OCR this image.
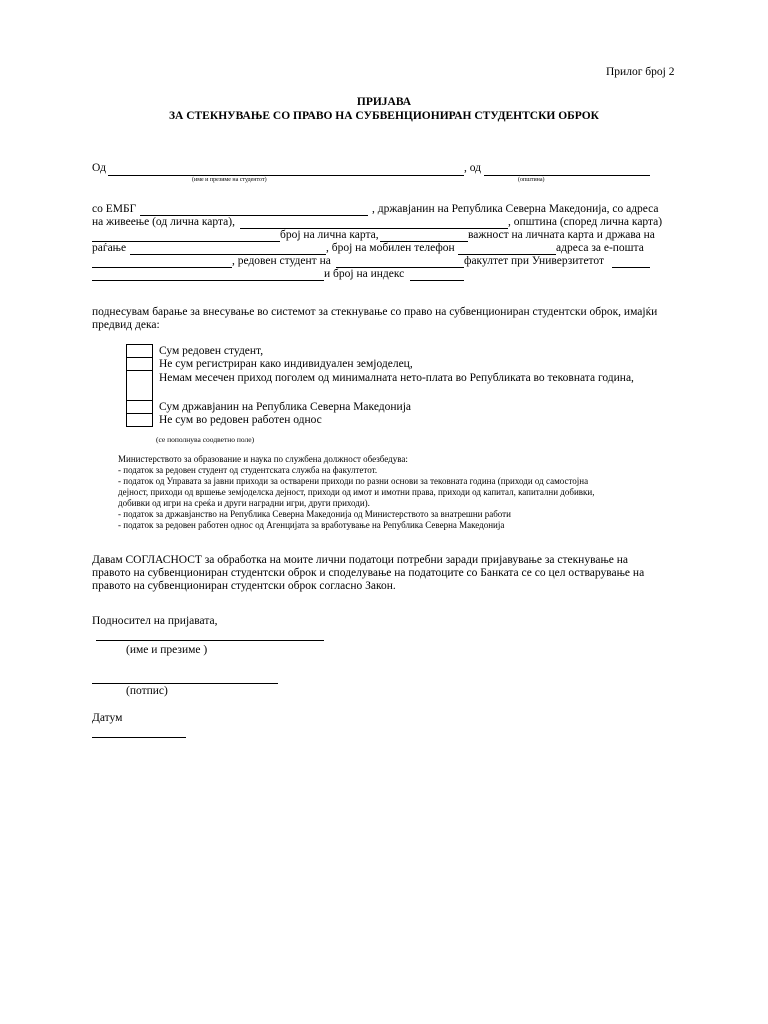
Прилог број 2
ПРИЈАВА
ЗА СТЕКНУВАЊЕ СО ПРАВО НА СУБВЕНЦИОНИРАН СТУДЕНТСКИ ОБРОК
Од
(име и презиме на студентот)
, од
(општина)
со ЕМБГ	, државјанин на Република Северна Македонија, со адреса
на живеење (од лична карта),	, општина (според лична карта)
број на лична карта,	важност на личната карта и држава на
раѓање	, број на мобилен телефон	адреса за е-пошта
, редовен студент на	факултет при Универзитетот
и број на индекс
поднесувам барање за внесување во системот за стекнување со право на субвенциониран студентски оброк, имајќи
предвид дека:
Сум редовен студент,
Не сум регистриран како индивидуален земјоделец,
Немам месечен приход поголем од минималната нето-плата во Републиката во тековната година,
Сум државјанин на Република Северна Македонија
Не сум во редовен работен однос
(се пополнува соодветно поле)
Министерството за образование и наука по службена должност обезбедува:
- податок за редовен студент од студентската служба на факултетот.
- податок од Управата за јавни приходи за остварени приходи по разни основи за тековната година (приходи од самостојна
дејност, приходи од вршење земјоделска дејност, приходи од имот и имотни права, приходи од капитал, капитални добивки,
добивки од игри на среќа и други наградни игри, други приходи).
- податок за државјанство на Република Северна Македонија од Министерството за внатрешни работи
- податок за редовен работен однос од Агенцијата за вработување на Република Северна Македонија
Давам СОГЛАСНОСТ за обработка на моите лични податоци потребни заради пријавување за стекнување на
правото на субвенциониран студентски оброк и споделување на податоците со Банката се со цел остварување на
правото на субвенциониран студентски оброк согласно Закон.
Подносител на пријавата,
(име и презиме )
(потпис)
Датум
